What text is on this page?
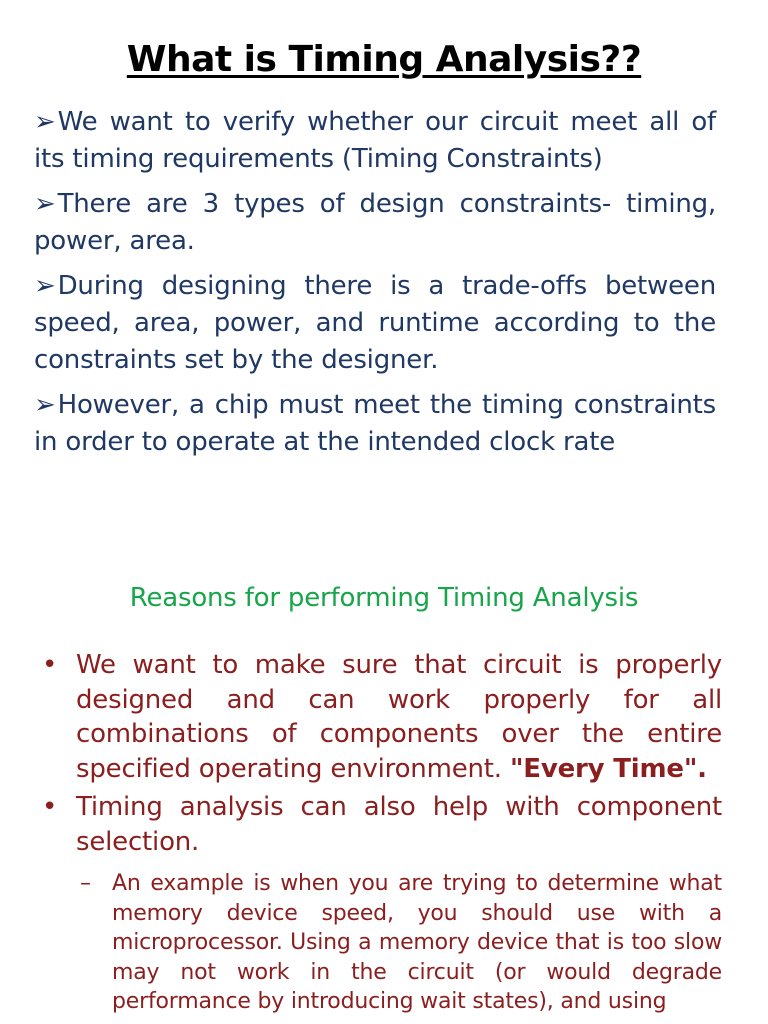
What is Timing Analysis??
➢We want to verify whether our circuit meet all of its timing requirements (Timing Constraints)
➢There are 3 types of design constraints- timing, power, area.
➢During designing there is a trade-offs between speed, area, power, and runtime according to the constraints set by the designer.
➢However, a chip must meet the timing constraints in order to operate at the intended clock rate
Reasons for performing Timing Analysis
• We want to make sure that circuit is properly designed and can work properly for all combinations of components over the entire specified operating environment. "Every Time".
• Timing analysis can also help with component selection.
– An example is when you are trying to determine what memory device speed, you should use with a microprocessor. Using a memory device that is too slow may not work in the circuit (or would degrade performance by introducing wait states), and using
